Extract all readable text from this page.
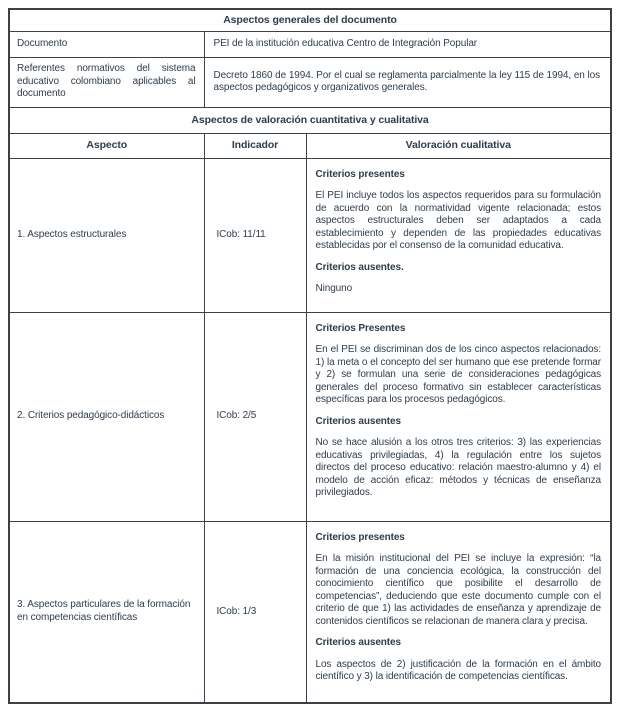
Aspectos generales del documento		
Documento	PEI de la institución educativa Centro de Integración Popular	
Referentes normativos del sistema educativo colombiano aplicables al documento	Decreto 1860 de 1994. Por el cual se reglamenta parcialmente la ley 115 de 1994, en los aspectos pedagógicos y organizativos generales.	
Aspectos de valoración cuantitativa y cualitativa		
Aspecto	Indicador	Valoración cualitativa
1. Aspectos estructurales	ICob: 11/11	Criterios presentes

El PEI incluye todos los aspectos requeridos para su formulación de acuerdo con la normatividad vigente relacionada; estos aspectos estructurales deben ser adaptados a cada establecimiento y dependen de las propiedades educativas establecidas por el consenso de la comunidad educativa.

Criterios ausentes.

Ninguno

2. Criterios pedagógico-didácticos	ICob: 2/5	Criterios Presentes

En el PEI se discriminan dos de los cinco aspectos relacionados: 1) la meta o el concepto del ser humano que ese pretende formar y 2) se formulan una serie de consideraciones pedagógicas generales del proceso formativo sin establecer características específicas para los procesos pedagógicos.

Criterios ausentes

No se hace alusión a los otros tres criterios: 3) las experiencias educativas privilegiadas, 4) la regulación entre los sujetos directos del proceso educativo: relación maestro-alumno y 4) el modelo de acción eficaz: métodos y técnicas de enseñanza privilegiados.

3. Aspectos particulares de la formación en competencias científicas	ICob: 1/3	Criterios presentes

En la misión institucional del PEI se incluye la expresión: “la formación de una conciencia ecológica, la construcción del conocimiento científico que posibilite el desarrollo de competencias”, deduciendo que este documento cumple con el criterio de que 1) las actividades de enseñanza y aprendizaje de contenidos científicos se relacionan de manera clara y precisa.

Criterios ausentes

Los aspectos de 2) justificación de la formación en el ámbito científico y 3) la identificación de competencias científicas.
